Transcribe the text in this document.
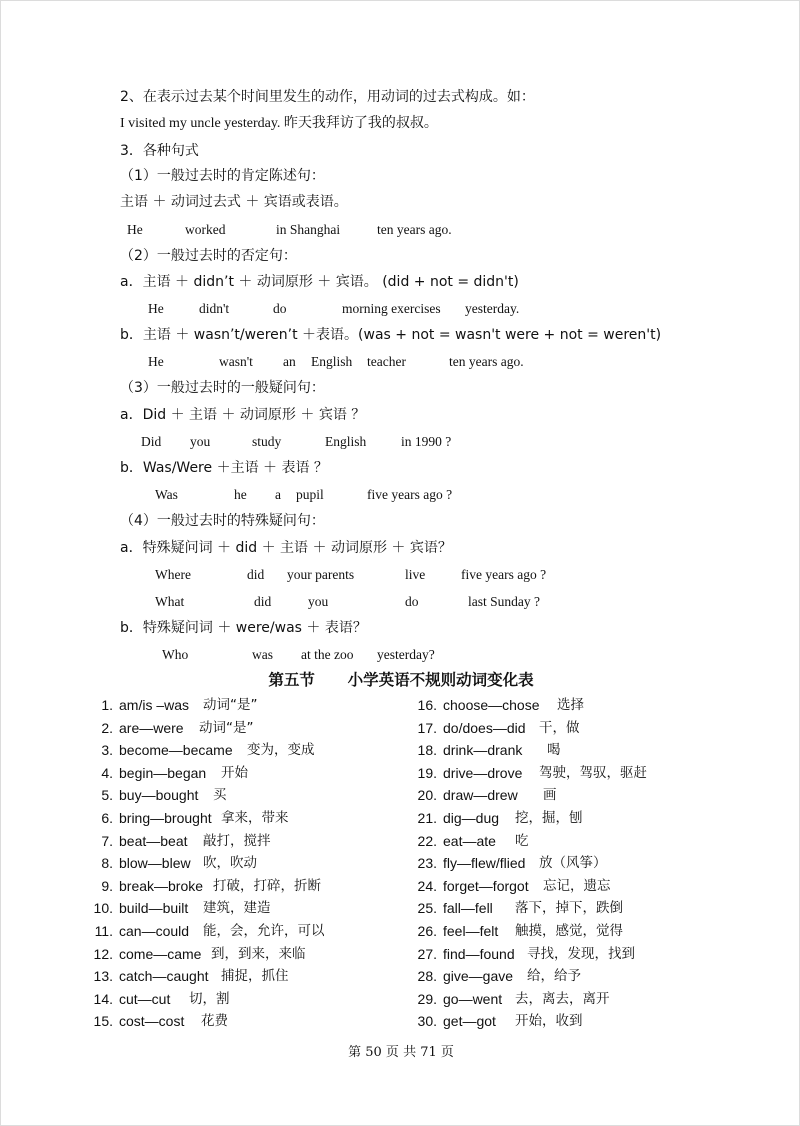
2、在表示过去某个时间里发生的动作，用动词的过去式构成。如：
I visited my uncle yesterday. 昨天我拜访了我的叔叔。
3．各种句式
（1）一般过去时的肯定陈述句：
主语 ＋ 动词过去式 ＋ 宾语或表语。
He	worked	in Shanghai	ten years ago.
（2）一般过去时的否定句：
a．主语 ＋ didn’t ＋ 动词原形 ＋ 宾语。 (did + not = didn't)
He	didn't	do	morning exercises yesterday.
b．主语 ＋ wasn’t/weren’t ＋表语。(was + not = wasn't were + not = weren't)
He	wasn't an English teacher	ten years ago.
（3）一般过去时的一般疑问句：
a．Did ＋ 主语 ＋ 动词原形 ＋ 宾语 ？
Did you	study	English	in 1990 ?
b．Was/Were ＋主语 ＋ 表语 ？
Was	he a pupil	five years ago ?
（4）一般过去时的特殊疑问句：
a．特殊疑问词 ＋ did ＋ 主语 ＋ 动词原形 ＋ 宾语？
Where	did your parents	live	five years ago ?
What	did	you	do	last Sunday ?
b．特殊疑问词 ＋ were/was ＋ 表语？
Who	was at the zoo yesterday?
第五节 小学英语不规则动词变化表
1. am/is –was 动词“是”
2. are—were 动词“是”
3. become—became 变为，变成
4. begin—began 开始
5. buy—bought 买
6. bring—brought 拿来，带来
7. beat—beat 敲打，搅拌
8. blow—blew 吹，吹动
9. break—broke 打破，打碎，折断
10. build—built 建筑，建造
11. can—could 能，会，允许，可以
12. come—came 到，到来，来临
13. catch—caught 捕捉，抓住
14. cut—cut 切，割
15. cost—cost 花费
16. choose—chose 选择
17. do/does—did 干，做
18. drink—drank 喝
19. drive—drove 驾驶，驾驭，驱赶
20. draw—drew 画
21. dig—dug 挖，掘，刨
22. eat—ate 吃
23. fly—flew/flied 放（风筝）
24. forget—forgot 忘记，遗忘
25. fall—fell 落下，掉下，跌倒
26. feel—felt 触摸，感觉，觉得
27. find—found 寻找，发现，找到
28. give—gave 给，给予
29. go—went 去，离去，离开
30. get—got 开始，收到
第 50 页 共 71 页
